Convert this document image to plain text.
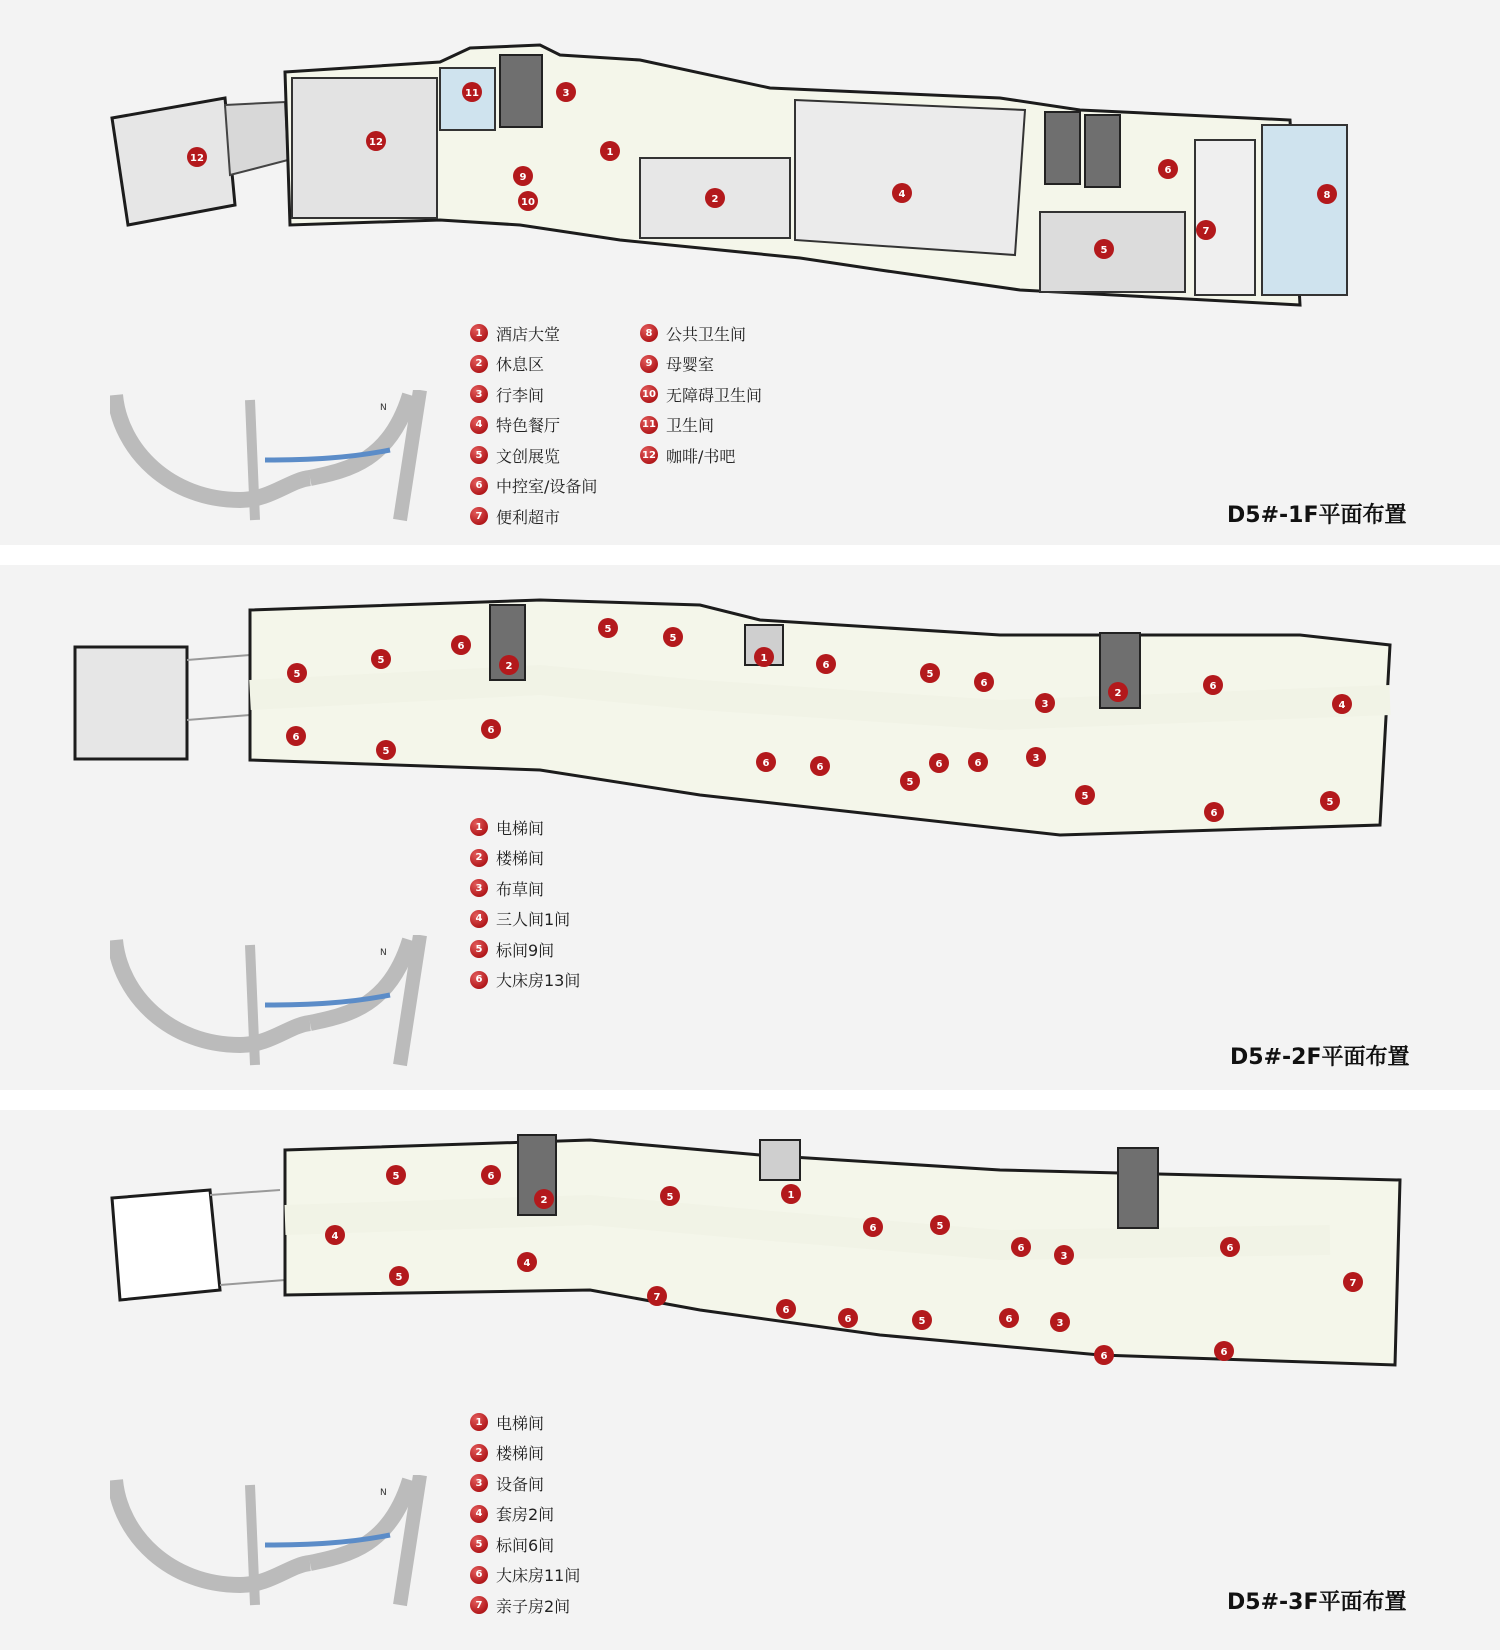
12
12
11	3
1
9
10	2	4
6
5
7
8
1 酒店大堂
2 休息区
3 行李间
4 特色餐厅
5 文创展览
6 中控室/设备间
7 便利超市
8 公共卫生间
9 母婴室
10 无障碍卫生间
11 卫生间
12 咖啡/书吧
N
D5#-1F平面布置
5
5
6
2
5
5
1
6
5
6
6
5
6
3
2
6
4
3
6	6	6
5
6
5
6
5
1 电梯间
2 楼梯间
3 布草间
4 三人间1间
5 标间9间
6 大床房13间
N
D5#-2F平面布置
5	6
2	5	1
6	5
6
3
6
4
5
4
7
6
6	5	6	3
6	6
7
1 电梯间
2 楼梯间
3 设备间
4 套房2间
5 标间6间
6 大床房11间
7 亲子房2间
N
D5#-3F平面布置
